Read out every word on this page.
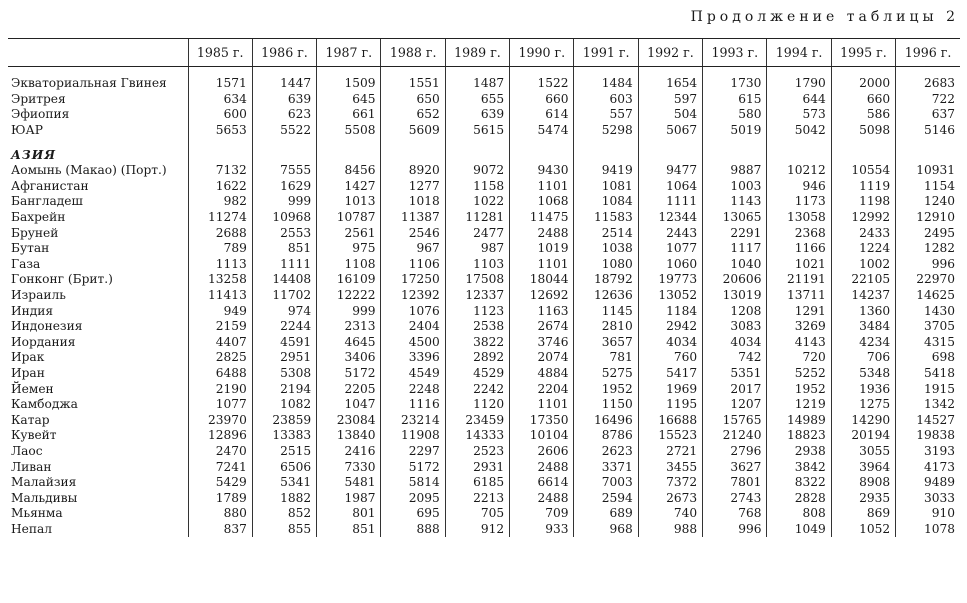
Продолжение таблицы 2
	1985 г.	1986 г.	1987 г.	1988 г.	1989 г.	1990 г.	1991 г.	1992 г.	1993 г.	1994 г.	1995 г.	1996 г.

Экваториальная Гвинея	1571	1447	1509	1551	1487	1522	1484	1654	1730	1790	2000	2683
Эритрея	634	639	645	650	655	660	603	597	615	644	660	722
Эфиопия	600	623	661	652	639	614	557	504	580	573	586	637
ЮАР	5653	5522	5508	5609	5615	5474	5298	5067	5019	5042	5098	5146

АЗИЯ												
Аомынь (Макао) (Порт.)	7132	7555	8456	8920	9072	9430	9419	9477	9887	10212	10554	10931
Афганистан	1622	1629	1427	1277	1158	1101	1081	1064	1003	946	1119	1154
Бангладеш	982	999	1013	1018	1022	1068	1084	1111	1143	1173	1198	1240
Бахрейн	11274	10968	10787	11387	11281	11475	11583	12344	13065	13058	12992	12910
Бруней	2688	2553	2561	2546	2477	2488	2514	2443	2291	2368	2433	2495
Бутан	789	851	975	967	987	1019	1038	1077	1117	1166	1224	1282
Газа	1113	1111	1108	1106	1103	1101	1080	1060	1040	1021	1002	996
Гонконг (Брит.)	13258	14408	16109	17250	17508	18044	18792	19773	20606	21191	22105	22970
Израиль	11413	11702	12222	12392	12337	12692	12636	13052	13019	13711	14237	14625
Индия	949	974	999	1076	1123	1163	1145	1184	1208	1291	1360	1430
Индонезия	2159	2244	2313	2404	2538	2674	2810	2942	3083	3269	3484	3705
Иордания	4407	4591	4645	4500	3822	3746	3657	4034	4034	4143	4234	4315
Ирак	2825	2951	3406	3396	2892	2074	781	760	742	720	706	698
Иран	6488	5308	5172	4549	4529	4884	5275	5417	5351	5252	5348	5418
Йемен	2190	2194	2205	2248	2242	2204	1952	1969	2017	1952	1936	1915
Камбоджа	1077	1082	1047	1116	1120	1101	1150	1195	1207	1219	1275	1342
Катар	23970	23859	23084	23214	23459	17350	16496	16688	15765	14989	14290	14527
Кувейт	12896	13383	13840	11908	14333	10104	8786	15523	21240	18823	20194	19838
Лаос	2470	2515	2416	2297	2523	2606	2623	2721	2796	2938	3055	3193
Ливан	7241	6506	7330	5172	2931	2488	3371	3455	3627	3842	3964	4173
Малайзия	5429	5341	5481	5814	6185	6614	7003	7372	7801	8322	8908	9489
Мальдивы	1789	1882	1987	2095	2213	2488	2594	2673	2743	2828	2935	3033
Мьянма	880	852	801	695	705	709	689	740	768	808	869	910
Непал	837	855	851	888	912	933	968	988	996	1049	1052	1078
